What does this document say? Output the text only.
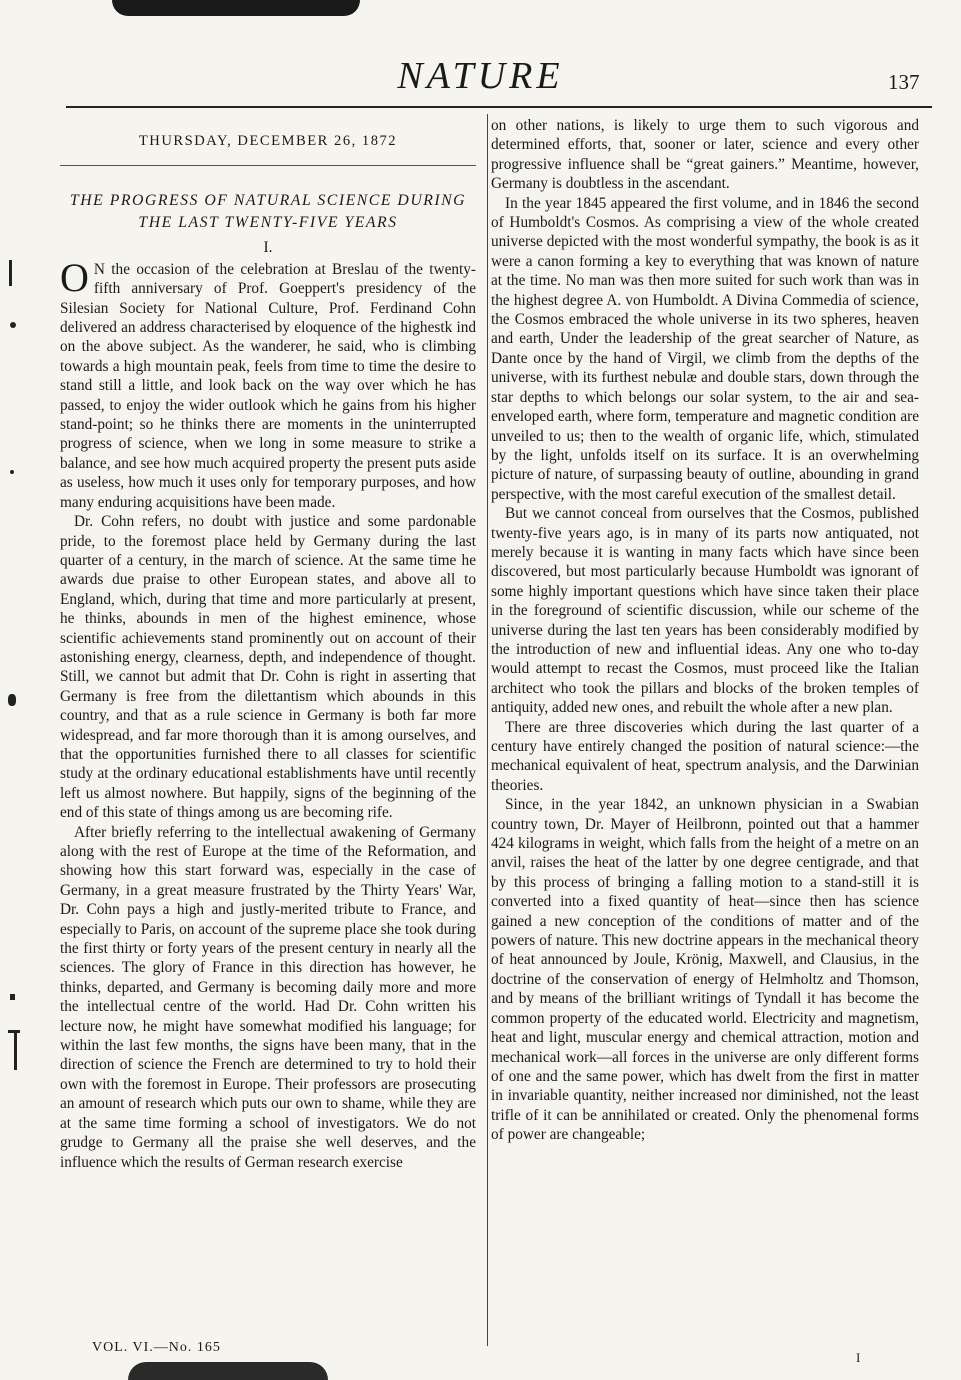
NATURE	137
THURSDAY, DECEMBER 26, 1872
THE PROGRESS OF NATURAL SCIENCE DURING THE LAST TWENTY-FIVE YEARS
I.

O N the occasion of the celebration at Breslau of the twenty-fifth anniversary of Prof. Goeppert's presidency of the Silesian Society for National Culture, Prof. Ferdinand Cohn delivered an address characterised by eloquence of the highestk ind on the above subject. As the wanderer, he said, who is climbing towards a high mountain peak, feels from time to time the desire to stand still a little, and look back on the way over which he has passed, to enjoy the wider outlook which he gains from his higher stand-point; so he thinks there are moments in the uninterrupted progress of science, when we long in some measure to strike a balance, and see how much acquired property the present puts aside as useless, how much it uses only for temporary purposes, and how many enduring acquisitions have been made.

Dr. Cohn refers, no doubt with justice and some pardonable pride, to the foremost place held by Germany during the last quarter of a century, in the march of science. At the same time he awards due praise to other European states, and above all to England, which, during that time and more particularly at present, he thinks, abounds in men of the highest eminence, whose scientific achievements stand prominently out on account of their astonishing energy, clearness, depth, and independence of thought. Still, we cannot but admit that Dr. Cohn is right in asserting that Germany is free from the dilettantism which abounds in this country, and that as a rule science in Germany is both far more widespread, and far more thorough than it is among ourselves, and that the opportunities furnished there to all classes for scientific study at the ordinary educational establishments have until recently left us almost nowhere. But happily, signs of the beginning of the end of this state of things among us are becoming rife.

After briefly referring to the intellectual awakening of Germany along with the rest of Europe at the time of the Reformation, and showing how this start forward was, especially in the case of Germany, in a great measure frustrated by the Thirty Years' War, Dr. Cohn pays a high and justly-merited tribute to France, and especially to Paris, on account of the supreme place she took during the first thirty or forty years of the present century in nearly all the sciences. The glory of France in this direction has however, he thinks, departed, and Germany is becoming daily more and more the intellectual centre of the world. Had Dr. Cohn written his lecture now, he might have somewhat modified his language; for within the last few months, the signs have been many, that in the direction of science the French are determined to try to hold their own with the foremost in Europe. Their professors are prosecuting an amount of research which puts our own to shame, while they are at the same time forming a school of investigators. We do not grudge to Germany all the praise she well deserves, and the influence which the results of German research exercise

on other nations, is likely to urge them to such vigorous and determined efforts, that, sooner or later, science and every other progressive influence shall be “great gainers.” Meantime, however, Germany is doubtless in the ascendant.

In the year 1845 appeared the first volume, and in 1846 the second of Humboldt's Cosmos. As comprising a view of the whole created universe depicted with the most wonderful sympathy, the book is as it were a canon forming a key to everything that was known of nature at the time. No man was then more suited for such work than was in the highest degree A. von Humboldt. A Divina Commedia of science, the Cosmos embraced the whole universe in its two spheres, heaven and earth, Under the leadership of the great searcher of Nature, as Dante once by the hand of Virgil, we climb from the depths of the universe, with its furthest nebulæ and double stars, down through the star depths to which belongs our solar system, to the air and sea-enveloped earth, where form, temperature and magnetic condition are unveiled to us; then to the wealth of organic life, which, stimulated by the light, unfolds itself on its surface. It is an overwhelming picture of nature, of surpassing beauty of outline, abounding in grand perspective, with the most careful execution of the smallest detail.

But we cannot conceal from ourselves that the Cosmos, published twenty-five years ago, is in many of its parts now antiquated, not merely because it is wanting in many facts which have since been discovered, but most particularly because Humboldt was ignorant of some highly important questions which have since taken their place in the foreground of scientific discussion, while our scheme of the universe during the last ten years has been considerably modified by the introduction of new and influential ideas. Any one who to-day would attempt to recast the Cosmos, must proceed like the Italian architect who took the pillars and blocks of the broken temples of antiquity, added new ones, and rebuilt the whole after a new plan.

There are three discoveries which during the last quarter of a century have entirely changed the position of natural science:—the mechanical equivalent of heat, spectrum analysis, and the Darwinian theories.

Since, in the year 1842, an unknown physician in a Swabian country town, Dr. Mayer of Heilbronn, pointed out that a hammer 424 kilograms in weight, which falls from the height of a metre on an anvil, raises the heat of the latter by one degree centigrade, and that by this process of bringing a falling motion to a stand-still it is converted into a fixed quantity of heat—since then has science gained a new conception of the conditions of matter and of the powers of nature. This new doctrine appears in the mechanical theory of heat announced by Joule, Krönig, Maxwell, and Clausius, in the doctrine of the conservation of energy of Helmholtz and Thomson, and by means of the brilliant writings of Tyndall it has become the common property of the educated world. Electricity and magnetism, heat and light, muscular energy and chemical attraction, motion and mechanical work—all forces in the universe are only different forms of one and the same power, which has dwelt from the first in matter in invariable quantity, neither increased nor diminished, not the least trifle of it can be annihilated or created. Only the phenomenal forms of power are changeable;

VOL. VI.—No. 165
I
